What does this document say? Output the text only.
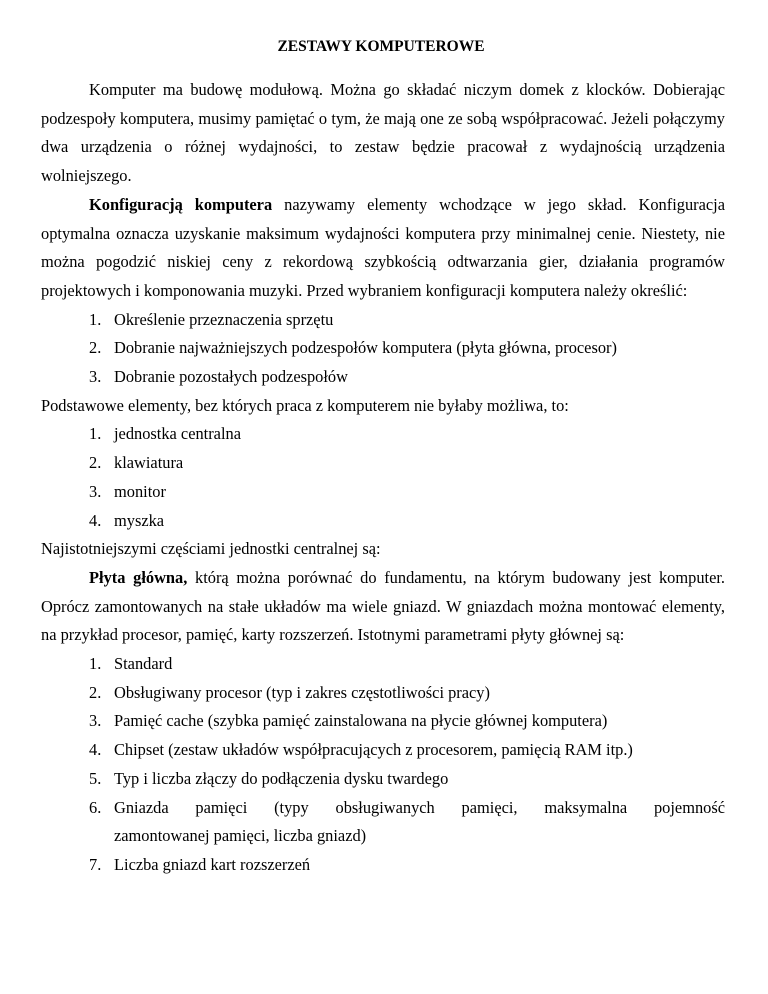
ZESTAWY KOMPUTEROWE

Komputer ma budowę modułową. Można go składać niczym domek z klocków. Dobierając podzespoły komputera, musimy pamiętać o tym, że mają one ze sobą współpracować. Jeżeli połączymy dwa urządzenia o różnej wydajności, to zestaw będzie pracował z wydajnością urządzenia wolniejszego.

Konfiguracją komputera nazywamy elementy wchodzące w jego skład. Konfiguracja optymalna oznacza uzyskanie maksimum wydajności komputera przy minimalnej cenie. Niestety, nie można pogodzić niskiej ceny z rekordową szybkością odtwarzania gier, działania programów projektowych i komponowania muzyki. Przed wybraniem konfiguracji komputera należy określić:

1. Określenie przeznaczenia sprzętu
2. Dobranie najważniejszych podzespołów komputera (płyta główna, procesor)
3. Dobranie pozostałych podzespołów

Podstawowe elementy, bez których praca z komputerem nie byłaby możliwa, to:

1. jednostka centralna
2. klawiatura
3. monitor
4. myszka

Najistotniejszymi częściami jednostki centralnej są:

Płyta główna, którą można porównać do fundamentu, na którym budowany jest komputer. Oprócz zamontowanych na stałe układów ma wiele gniazd. W gniazdach można montować elementy, na przykład procesor, pamięć, karty rozszerzeń. Istotnymi parametrami płyty głównej są:

1. Standard
2. Obsługiwany procesor (typ i zakres częstotliwości pracy)
3. Pamięć cache (szybka pamięć zainstalowana na płycie głównej komputera)
4. Chipset (zestaw układów współpracujących z procesorem, pamięcią RAM itp.)
5. Typ i liczba złączy do podłączenia dysku twardego
6. Gniazda pamięci (typy obsługiwanych pamięci, maksymalna pojemność
zamontowanej pamięci, liczba gniazd)
7. Liczba gniazd kart rozszerzeń
